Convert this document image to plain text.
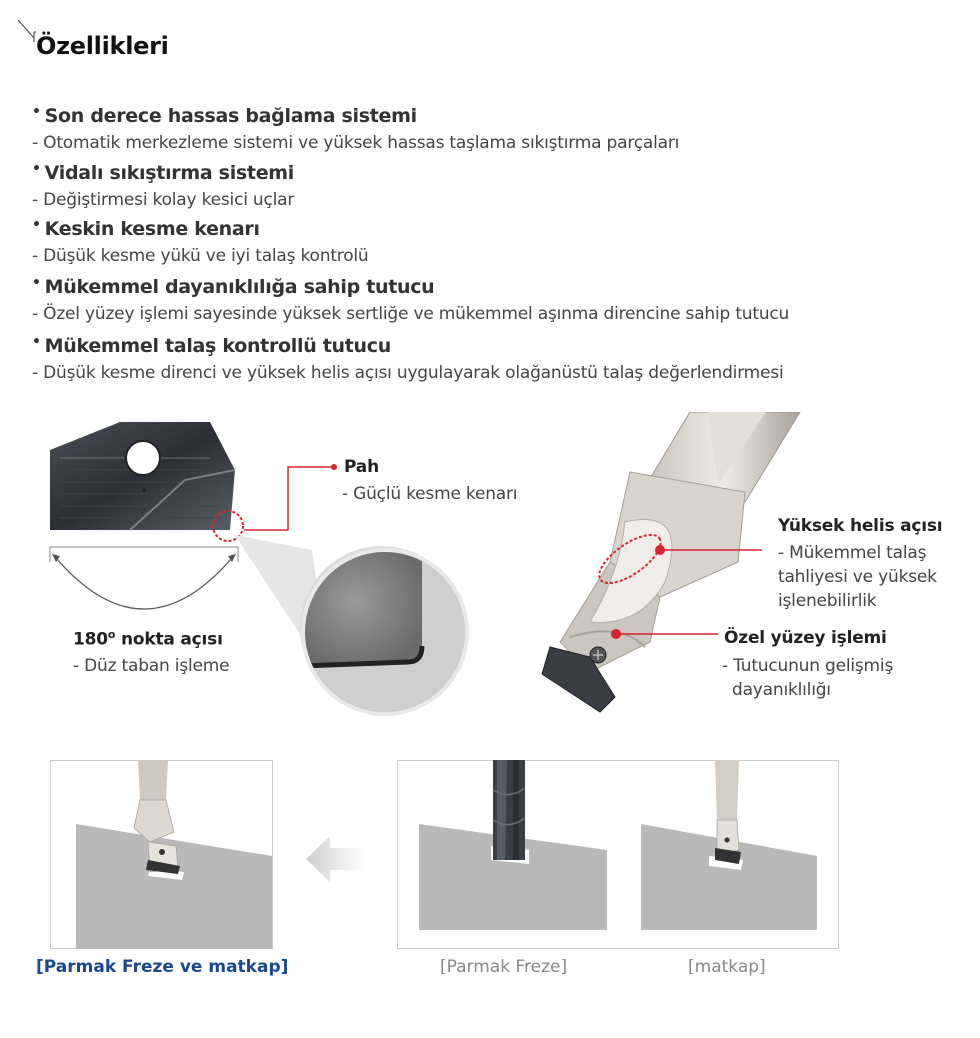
Özellikleri
• Son derece hassas bağlama sistemi
- Otomatik merkezleme sistemi ve yüksek hassas taşlama sıkıştırma parçaları
• Vidalı sıkıştırma sistemi
- Değiştirmesi kolay kesici uçlar
• Keskin kesme kenarı
- Düşük kesme yükü ve iyi talaş kontrolü
• Mükemmel dayanıklılığa sahip tutucu
- Özel yüzey işlemi sayesinde yüksek sertliğe ve mükemmel aşınma direncine sahip tutucu
• Mükemmel talaş kontrollü tutucu
- Düşük kesme direnci ve yüksek helis açısı uygulayarak olağanüstü talaş değerlendirmesi
Pah
- Güçlü kesme kenarı
180$^o$ nokta açısı
- Düz taban işleme
Yüksek helis açısı
- Mükemmel talaş
tahliyesi ve yüksek
işlenebilirlik
Özel yüzey işlemi
- Tutucunun gelişmiş
dayanıklılığı
[Parmak Freze ve matkap]	[Parmak Freze]	[matkap]
